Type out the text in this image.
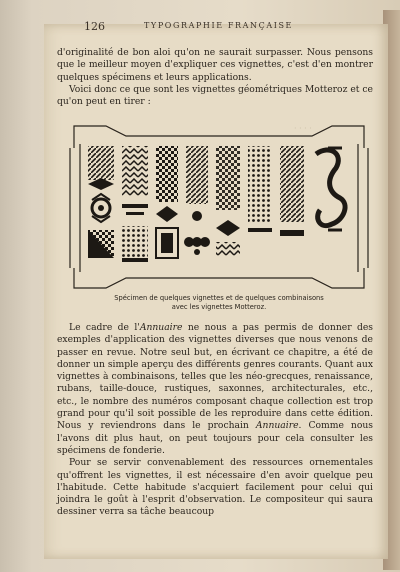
· · · ·
126	TYPOGRAPHIE FRANÇAISE

d'originalité de bon aloi qu'on ne saurait surpasser. Nous pensons que le meilleur moyen d'expliquer ces vignettes, c'est d'en montrer quelques spécimens et leurs applications.

Voici donc ce que sont les vignettes géométriques Motteroz et ce qu'on peut en tirer :

Spécimen de quelques vignettes et de quelques combinaisons
avec les vignettes Motteroz.

Le cadre de l'Annuaire ne nous a pas permis de donner des exemples d'application des vignettes diverses que nous venons de passer en revue. Notre seul but, en écrivant ce chapitre, a été de donner un simple aperçu des différents genres courants. Quant aux vignettes à combinaisons, telles que les néo-grecques, renaissance, rubans, taille-douce, rustiques, saxonnes, architecturales, etc., etc., le nombre des numéros composant chaque collection est trop grand pour qu'il soit possible de les reproduire dans cette édition. Nous y reviendrons dans le prochain Annuaire. Comme nous l'avons dit plus haut, on peut toujours pour cela consulter les spécimens de fonderie.

Pour se servir convenablement des ressources ornementales qu'offrent les vignettes, il est nécessaire d'en avoir quelque peu l'habitude. Cette habitude s'acquiert facilement pour celui qui joindra le goût à l'esprit d'observation. Le compositeur qui saura dessiner verra sa tâche beaucoup
